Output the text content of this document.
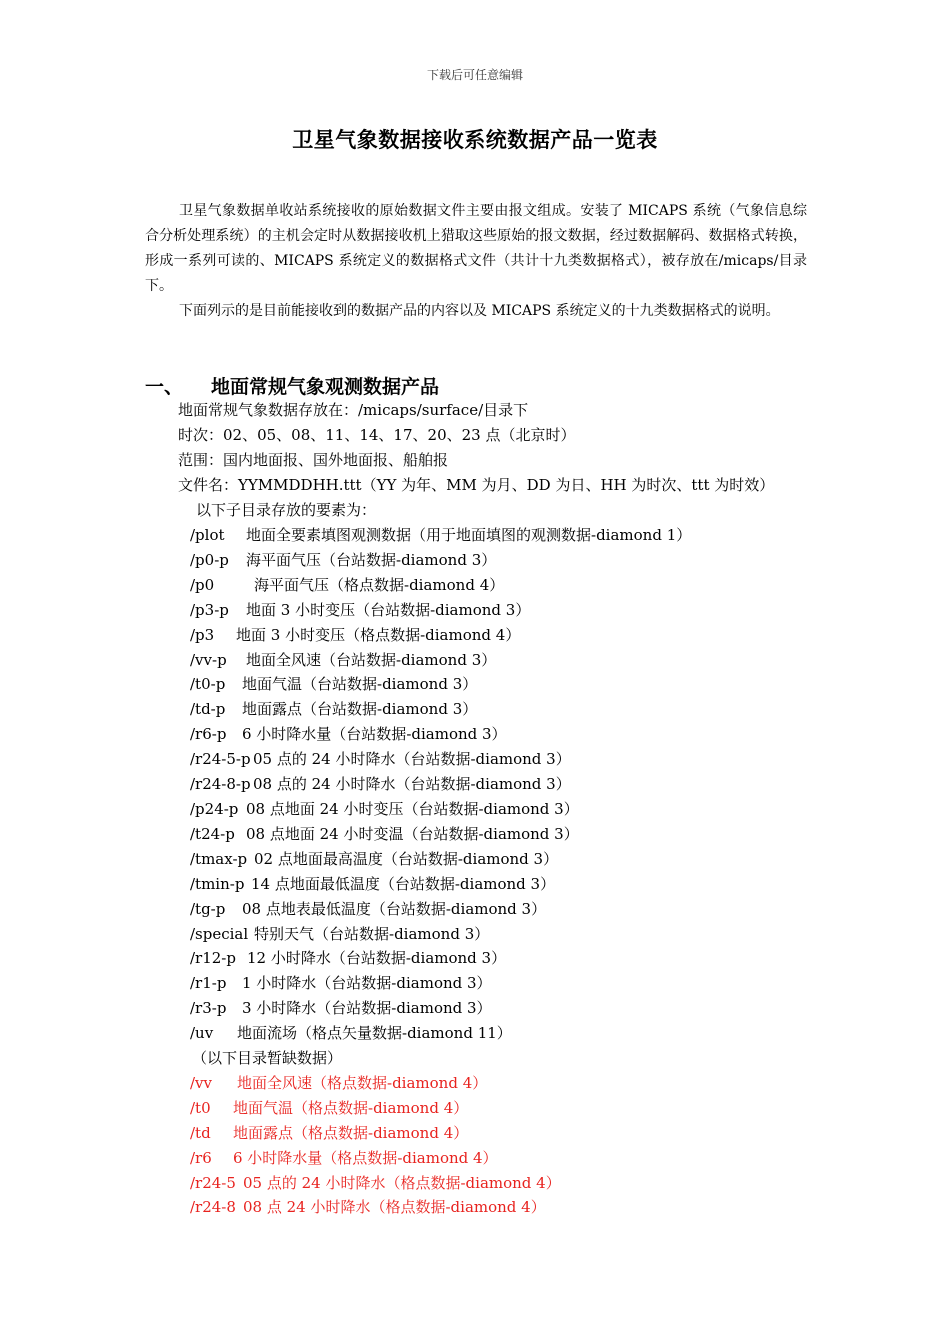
下载后可任意编辑
卫星气象数据接收系统数据产品一览表

卫星气象数据单收站系统接收的原始数据文件主要由报文组成。安装了 MICAPS 系统（气象信息综合分析处理系统）的主机会定时从数据接收机上猎取这些原始的报文数据，经过数据解码、数据格式转换，形成一系列可读的、MICAPS 系统定义的数据格式文件（共计十九类数据格式），被存放在/micaps/目录下。

下面列示的是目前能接收到的数据产品的内容以及 MICAPS 系统定义的十九类数据格式的说明。

一、 地面常规气象观测数据产品
地面常规气象数据存放在：/micaps/surface/目录下
时次：02、05、08、11、14、17、20、23 点（北京时）
范围：国内地面报、国外地面报、船舶报
文件名：YYMMDDHH.ttt（YY 为年、MM 为月、DD 为日、HH 为时次、ttt 为时效）
以下子目录存放的要素为：
/plot 地面全要素填图观测数据（用于地面填图的观测数据-diamond 1）
/p0-p 海平面气压（台站数据-diamond 3）
/p0	海平面气压（格点数据-diamond 4）
/p3-p 地面 3 小时变压（台站数据-diamond 3）
/p3 地面 3 小时变压（格点数据-diamond 4）
/vv-p 地面全风速（台站数据-diamond 3）
/t0-p 地面气温（台站数据-diamond 3）
/td-p 地面露点（台站数据-diamond 3）
/r6-p 6 小时降水量（台站数据-diamond 3）
/r24-5-p 05 点的 24 小时降水（台站数据-diamond 3）
/r24-8-p 08 点的 24 小时降水（台站数据-diamond 3）
/p24-p 08 点地面 24 小时变压（台站数据-diamond 3）
/t24-p 08 点地面 24 小时变温（台站数据-diamond 3）
/tmax-p 02 点地面最高温度（台站数据-diamond 3）
/tmin-p 14 点地面最低温度（台站数据-diamond 3）
/tg-p 08 点地表最低温度（台站数据-diamond 3）
/special 特别天气（台站数据-diamond 3）
/r12-p 12 小时降水（台站数据-diamond 3）
/r1-p 1 小时降水（台站数据-diamond 3）
/r3-p 3 小时降水（台站数据-diamond 3）
/uv 地面流场（格点矢量数据-diamond 11）
（以下目录暂缺数据）
/vv 地面全风速（格点数据-diamond 4）
/t0 地面气温（格点数据-diamond 4）
/td 地面露点（格点数据-diamond 4）
/r6 6 小时降水量（格点数据-diamond 4）
/r24-5 05 点的 24 小时降水（格点数据-diamond 4）
/r24-8 08 点 24 小时降水（格点数据-diamond 4）
